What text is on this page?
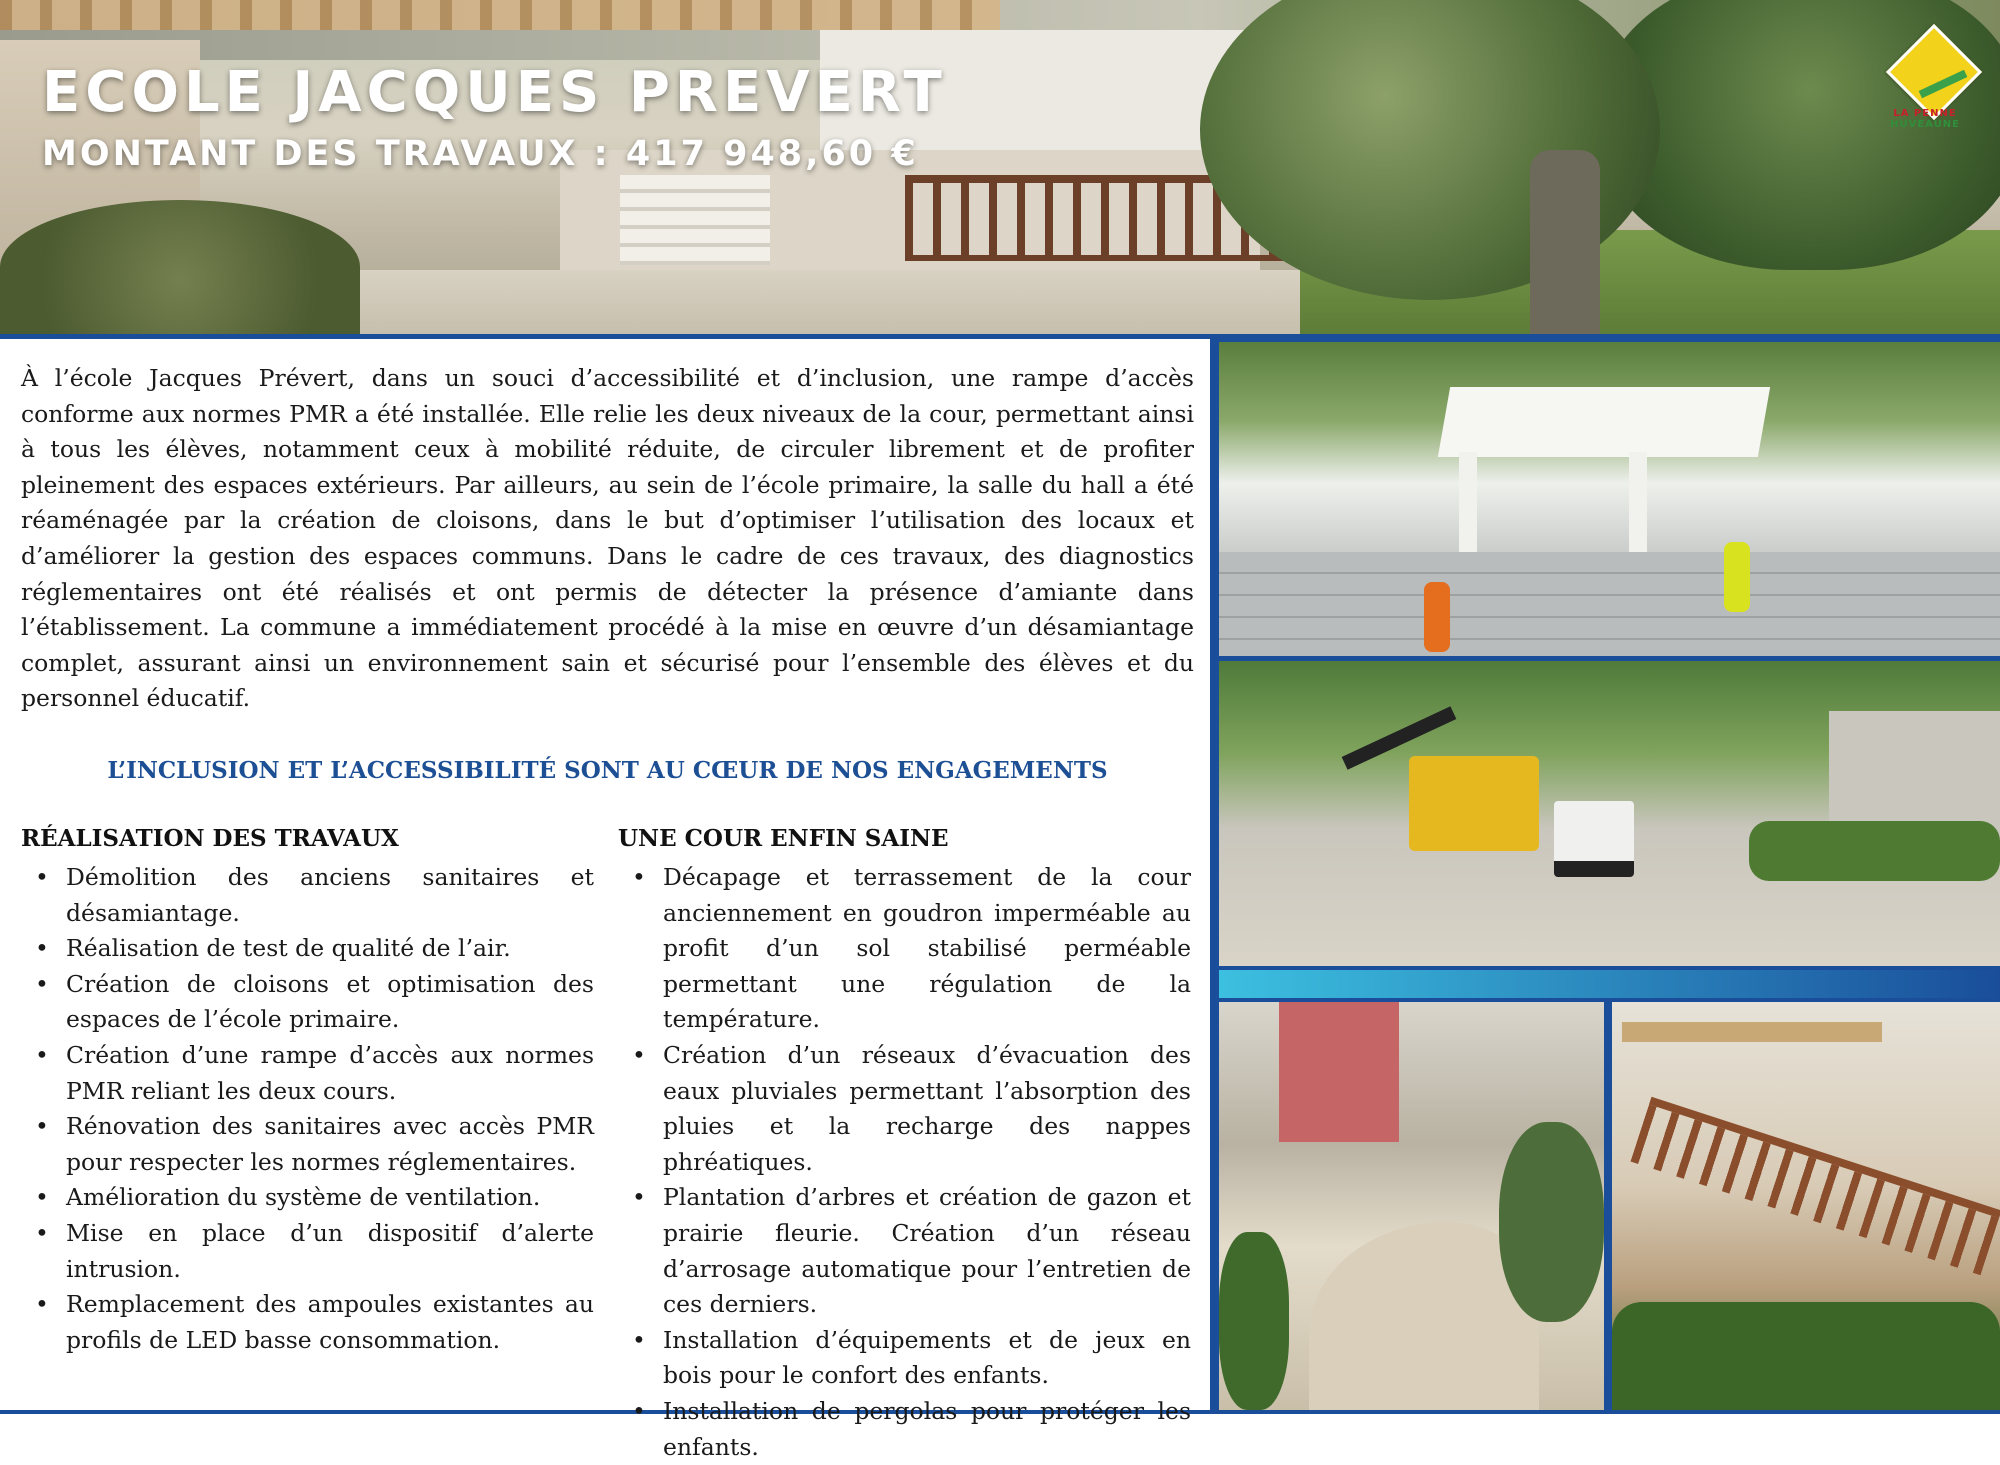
ECOLE JACQUES PREVERT
MONTANT DES TRAVAUX : 417 948,60 €
LA PENNE HUVEAUNE

À l’école Jacques Prévert, dans un souci d’accessibilité et d’inclusion, une rampe d’accès conforme aux normes PMR a été installée. Elle relie les deux niveaux de la cour, permettant ainsi à tous les élèves, notamment ceux à mobilité réduite, de circuler librement et de profiter pleinement des espaces extérieurs. Par ailleurs, au sein de l’école primaire, la salle du hall a été réaménagée par la création de cloisons, dans le but d’optimiser l’utilisation des locaux et d’améliorer la gestion des espaces communs. Dans le cadre de ces travaux, des diagnostics réglementaires ont été réalisés et ont permis de détecter la présence d’amiante dans l’établissement. La commune a immédiatement procédé à la mise en œuvre d’un désamiantage complet, assurant ainsi un environnement sain et sécurisé pour l’ensemble des élèves et du personnel éducatif.

L’INCLUSION ET L’ACCESSIBILITÉ SONT AU CŒUR DE NOS ENGAGEMENTS

RÉALISATION DES TRAVAUX
• Démolition des anciens sanitaires et désamiantage.
• Réalisation de test de qualité de l’air.
• Création de cloisons et optimisation des espaces de l’école primaire.
• Création d’une rampe d’accès aux normes PMR reliant les deux cours.
• Rénovation des sanitaires avec accès PMR pour respecter les normes réglementaires.
• Amélioration du système de ventilation.
• Mise en place d’un dispositif d’alerte intrusion.
• Remplacement des ampoules existantes au profils de LED basse consommation.
UNE COUR ENFIN SAINE
• Décapage et terrassement de la cour anciennement en goudron imperméable au profit d’un sol stabilisé perméable permettant une régulation de la température.
• Création d’un réseaux d’évacuation des eaux pluviales permettant l’absorption des pluies et la recharge des nappes phréatiques.
• Plantation d’arbres et création de gazon et prairie fleurie. Création d’un réseau d’arrosage automatique pour l’entretien de ces derniers.
• Installation d’équipements et de jeux en bois pour le confort des enfants.
• Installation de pergolas pour protéger les enfants.
